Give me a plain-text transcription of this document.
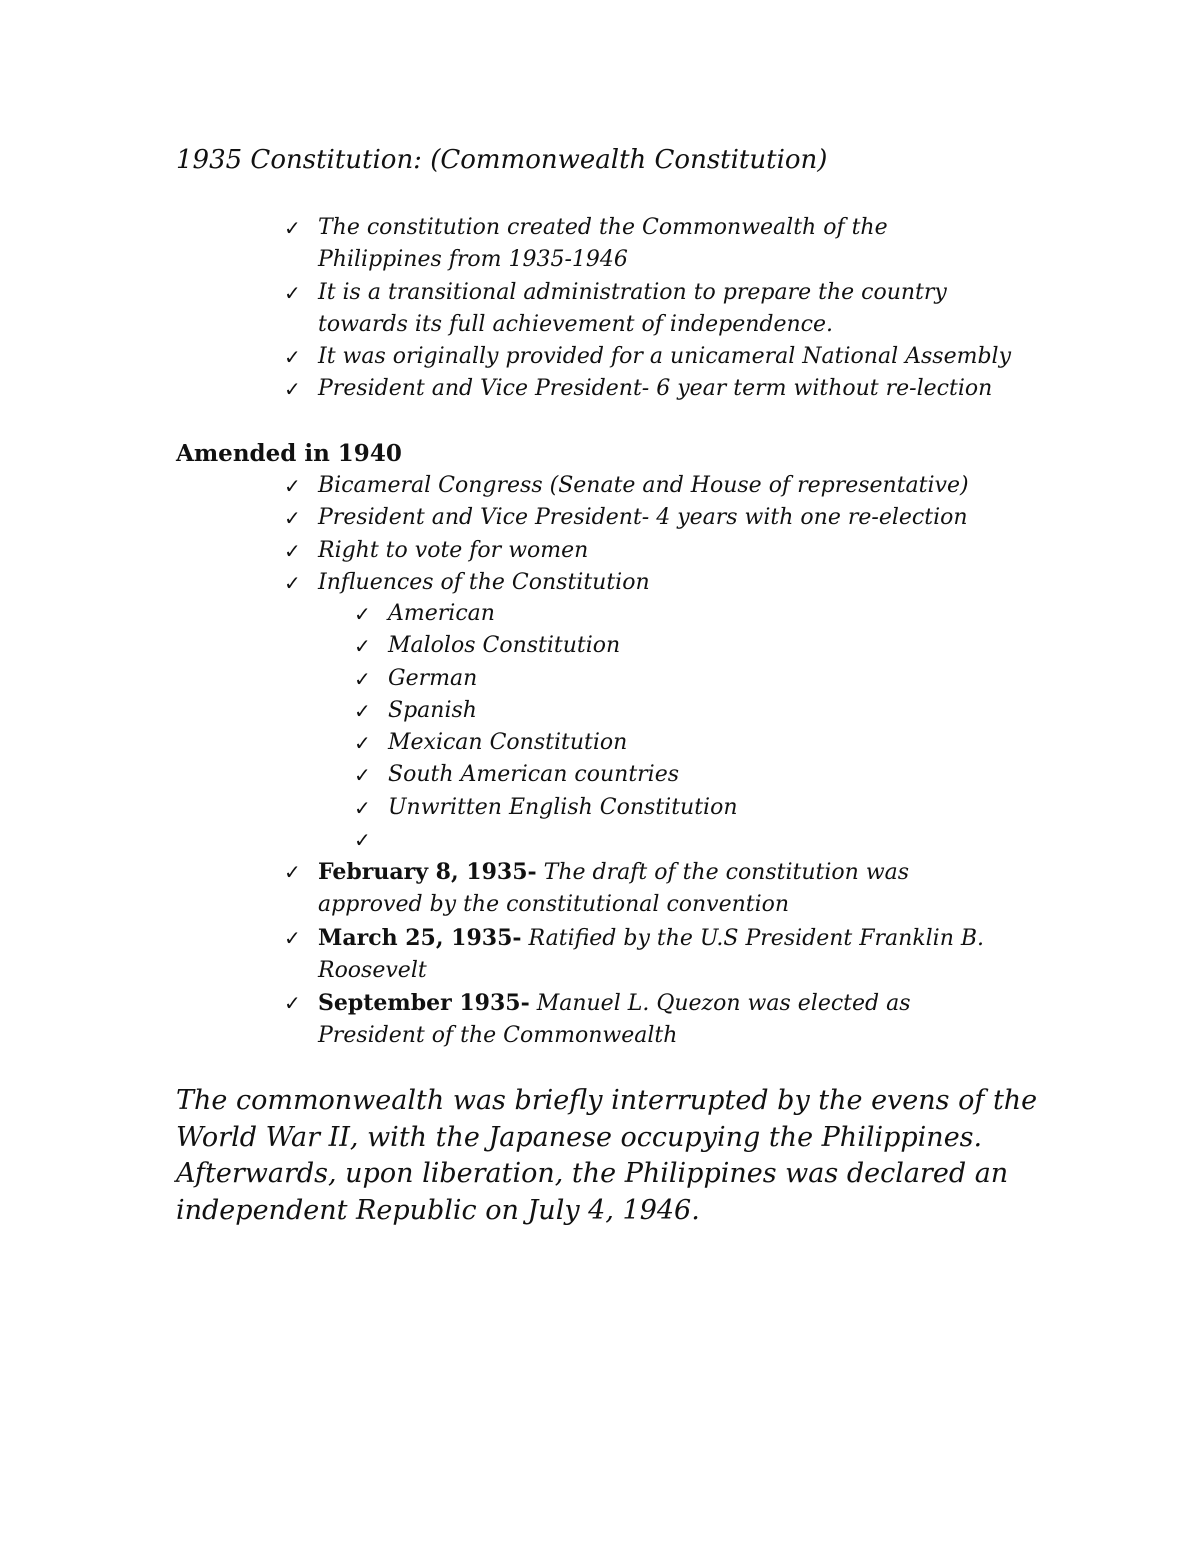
1935 Constitution: (Commonwealth Constitution)
✓ The constitution created the Commonwealth of the
Philippines from 1935-1946
✓ It is a transitional administration to prepare the country
towards its full achievement of independence.
✓ It was originally provided for a unicameral National Assembly
✓ President and Vice President- 6 year term without re-lection
Amended in 1940
✓ Bicameral Congress (Senate and House of representative)
✓ President and Vice President- 4 years with one re-election
✓ Right to vote for women
✓ Influences of the Constitution
✓ American
✓ Malolos Constitution
✓ German
✓ Spanish
✓ Mexican Constitution
✓ South American countries
✓ Unwritten English Constitution
✓
✓ February 8, 1935- The draft of the constitution was
approved by the constitutional convention
✓ March 25, 1935- Ratified by the U.S President Franklin B.
Roosevelt
✓ September 1935- Manuel L. Quezon was elected as
President of the Commonwealth
The commonwealth was briefly interrupted by the evens of the
World War II, with the Japanese occupying the Philippines.
Afterwards, upon liberation, the Philippines was declared an
independent Republic on July 4, 1946.
